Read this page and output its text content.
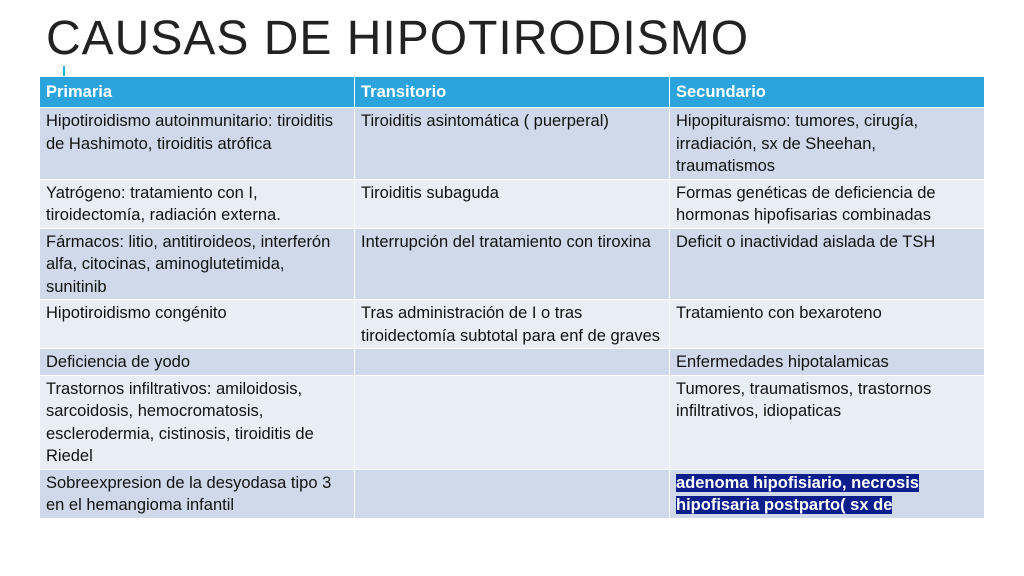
CAUSAS DE HIPOTIRODISMO
Primaria	Transitorio	Secundario
Hipotiroidismo autoinmunitario: tiroiditis de Hashimoto, tiroiditis atrófica	Tiroiditis asintomática ( puerperal)	Hipopituraismo: tumores, cirugía, irradiación, sx de Sheehan, traumatismos
Yatrógeno: tratamiento con I, tiroidectomía, radiación externa.	Tiroiditis subaguda	Formas genéticas de deficiencia de hormonas hipofisarias combinadas
Fármacos: litio, antitiroideos, interferón alfa, citocinas, aminoglutetimida, sunitinib	Interrupción del tratamiento con tiroxina	Deficit o inactividad aislada de TSH
Hipotiroidismo congénito	Tras administración de I o tras tiroidectomía subtotal para enf de graves	Tratamiento con bexaroteno
Deficiencia de yodo		Enfermedades hipotalamicas
Trastornos infiltrativos: amiloidosis, sarcoidosis, hemocromatosis, esclerodermia, cistinosis, tiroiditis de Riedel		Tumores, traumatismos, trastornos infiltrativos, idiopaticas
Sobreexpresion de la desyodasa tipo 3 en el hemangioma infantil		adenoma hipofisiario, necrosis hipofisaria postparto( sx de
